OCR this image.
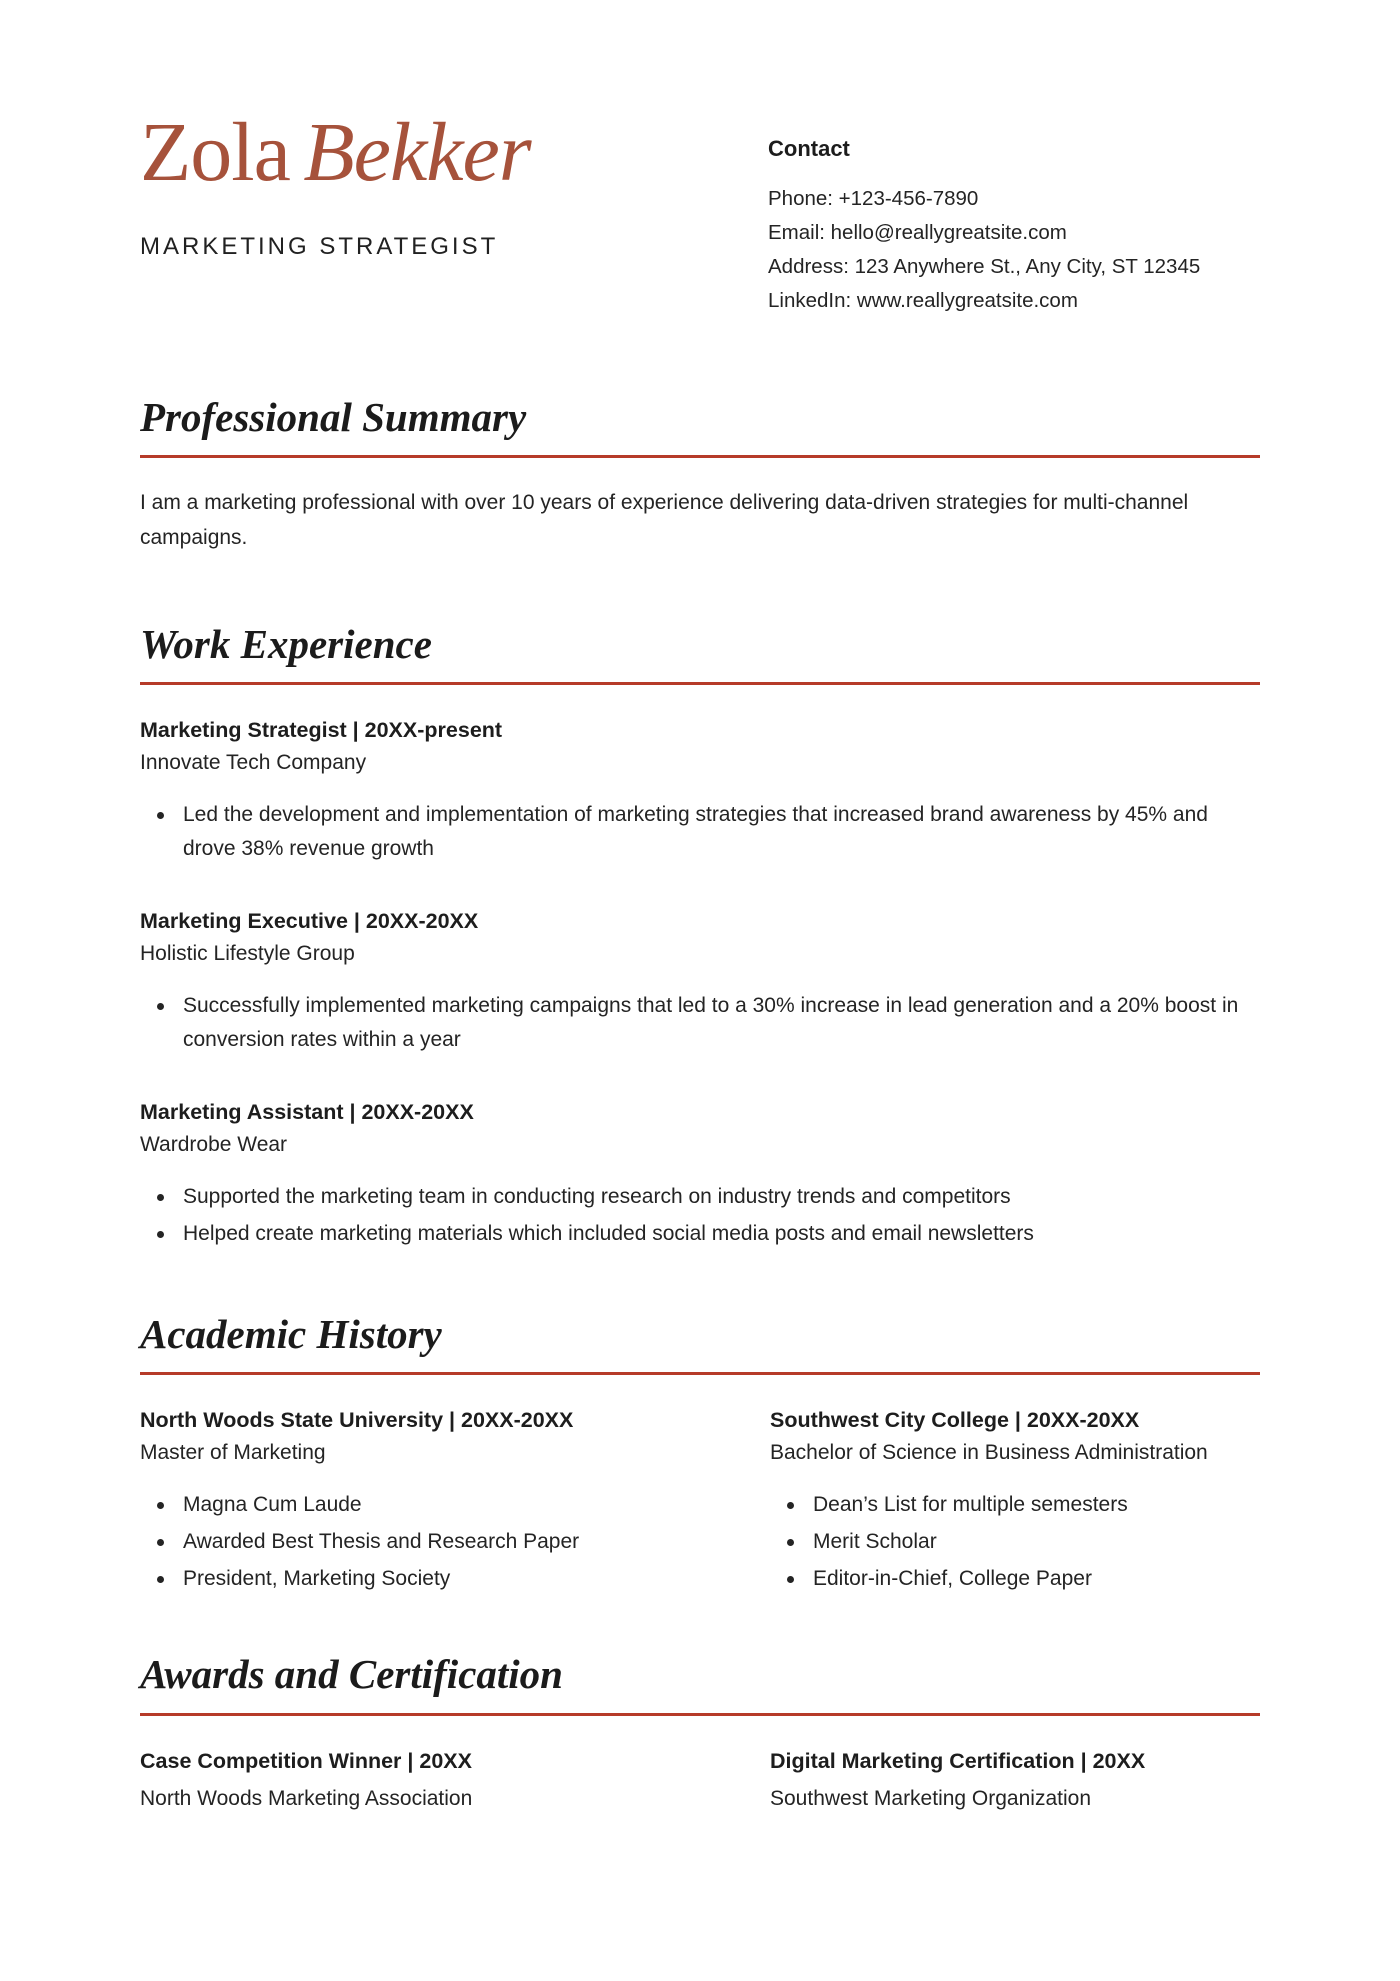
Zola Bekker
MARKETING STRATEGIST
Contact
Phone: +123-456-7890
Email: hello@reallygreatsite.com
Address: 123 Anywhere St., Any City, ST 12345
LinkedIn: www.reallygreatsite.com
Professional Summary

I am a marketing professional with over 10 years of experience delivering data-driven strategies for multi-channel campaigns.

Work Experience
Marketing Strategist | 20XX-present
Innovate Tech Company
Led the development and implementation of marketing strategies that increased brand awareness by 45% and drove 38% revenue growth
Marketing Executive | 20XX-20XX
Holistic Lifestyle Group
Successfully implemented marketing campaigns that led to a 30% increase in lead generation and a 20% boost in conversion rates within a year
Marketing Assistant | 20XX-20XX
Wardrobe Wear
Supported the marketing team in conducting research on industry trends and competitors
Helped create marketing materials which included social media posts and email newsletters
Academic History
North Woods State University | 20XX-20XX
Master of Marketing
Magna Cum Laude
Awarded Best Thesis and Research Paper
President, Marketing Society
Southwest City College | 20XX-20XX
Bachelor of Science in Business Administration
Dean’s List for multiple semesters
Merit Scholar
Editor-in-Chief, College Paper
Awards and Certification
Case Competition Winner | 20XX
North Woods Marketing Association
Digital Marketing Certification | 20XX
Southwest Marketing Organization
